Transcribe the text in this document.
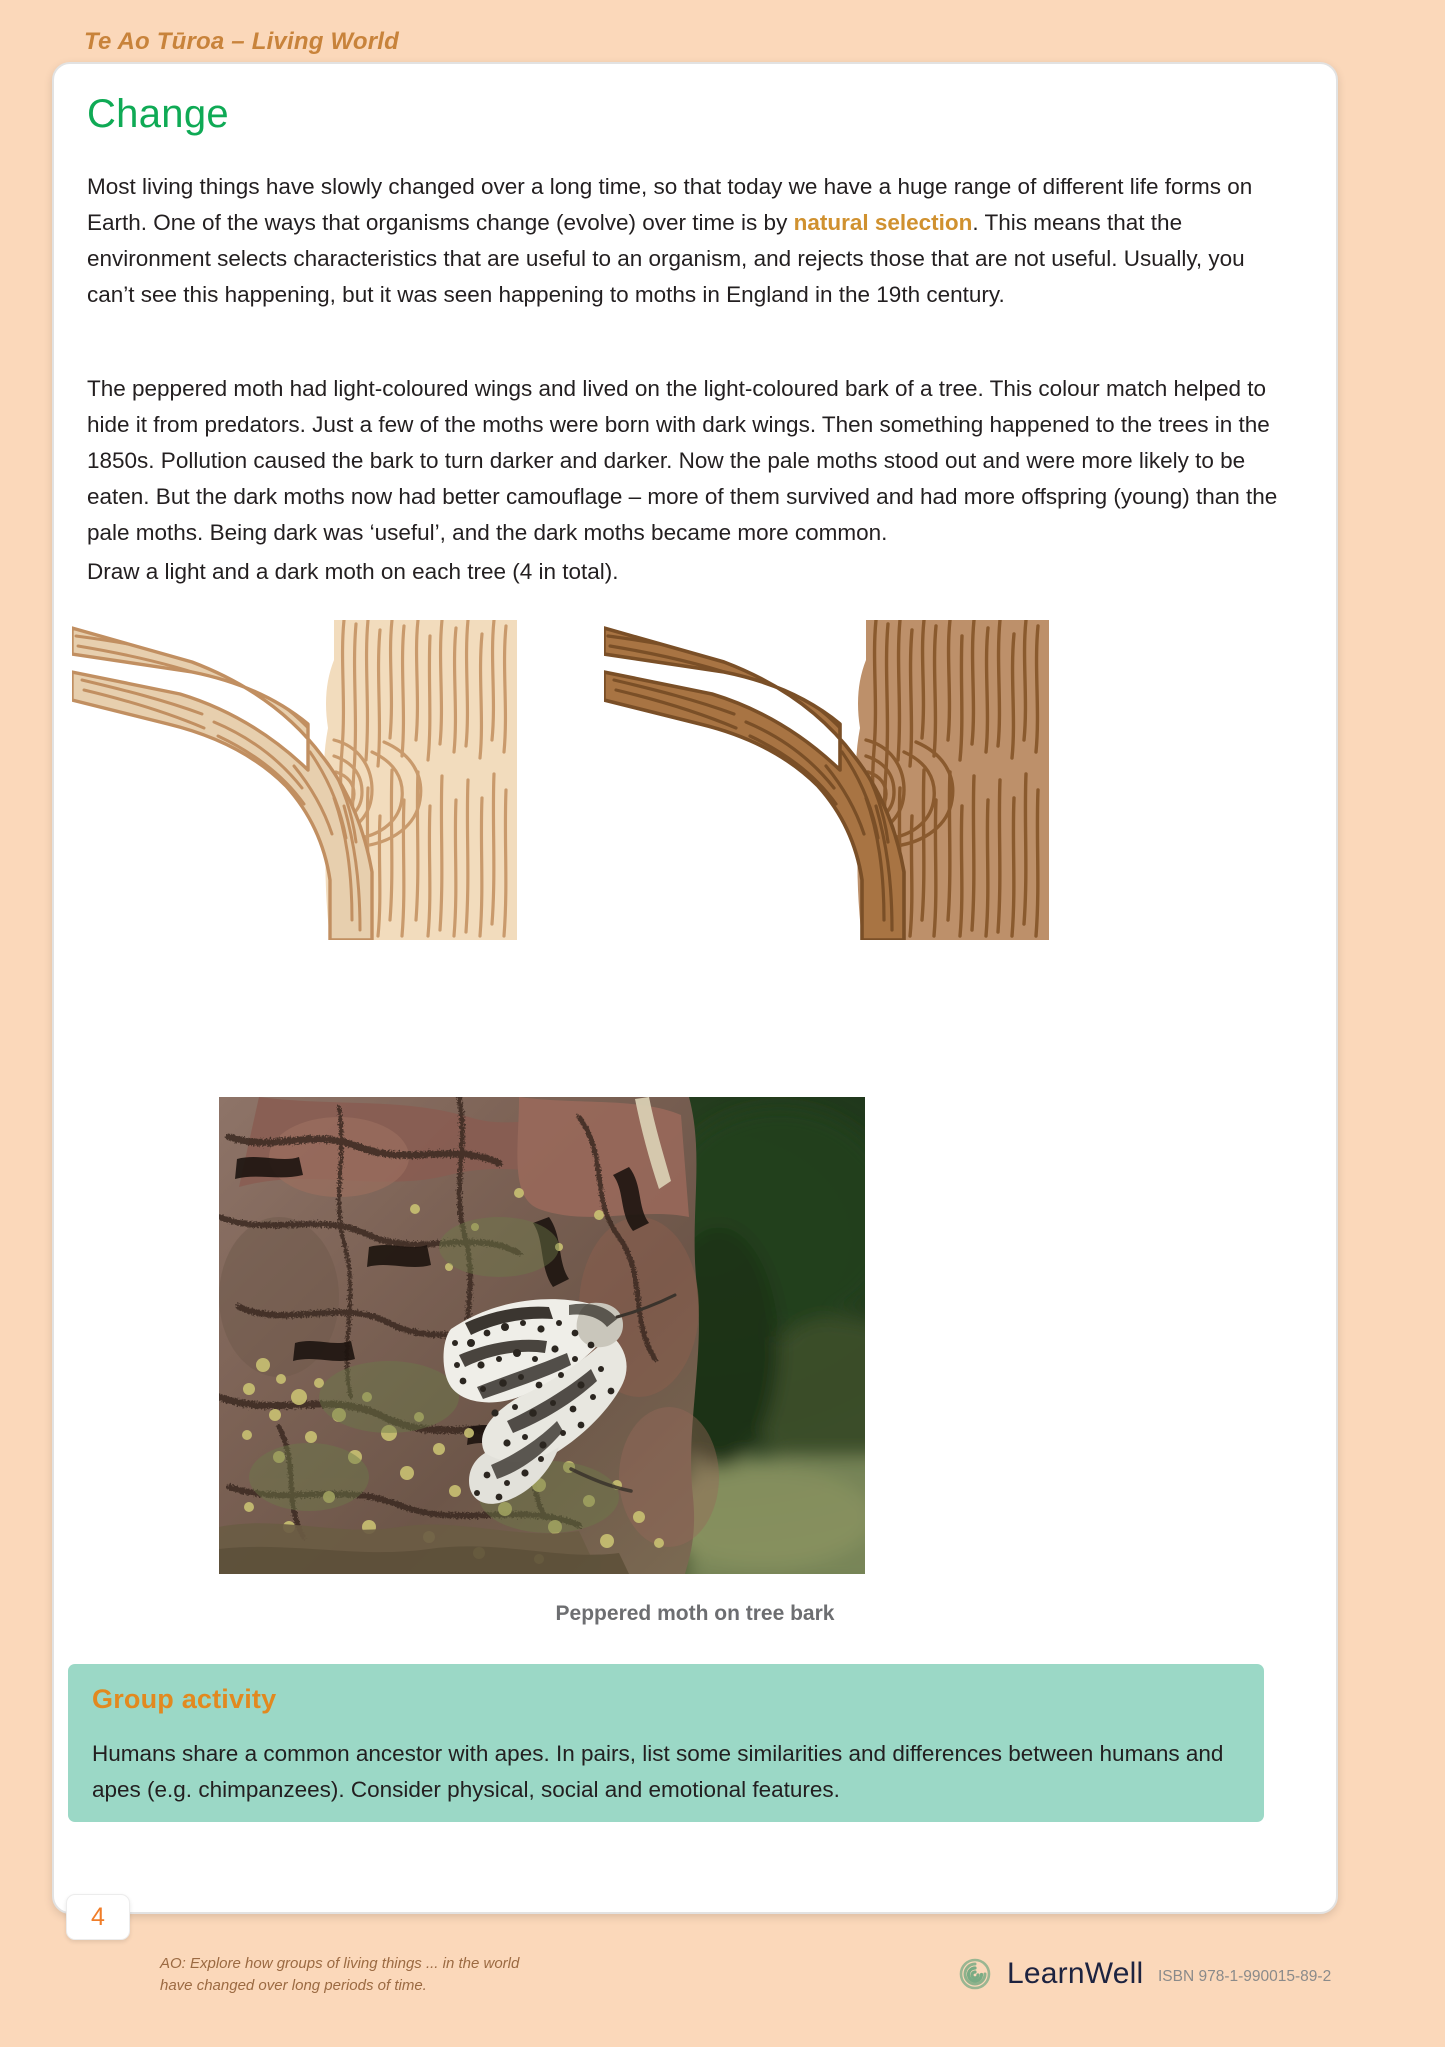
Te Ao Tūroa – Living World
Change

Most living things have slowly changed over a long time, so that today we have a huge range of different life forms on Earth. One of the ways that organisms change (evolve) over time is by natural selection. This means that the environment selects characteristics that are useful to an organism, and rejects those that are not useful. Usually, you can’t see this happening, but it was seen happening to moths in England in the 19th century.

The peppered moth had light-coloured wings and lived on the light-coloured bark of a tree. This colour match helped to hide it from predators. Just a few of the moths were born with dark wings. Then something happened to the trees in the 1850s. Pollution caused the bark to turn darker and darker. Now the pale moths stood out and were more likely to be eaten. But the dark moths now had better camouflage – more of them survived and had more offspring (young) than the pale moths. Being dark was ‘useful’, and the dark moths became more common.

Draw a light and a dark moth on each tree (4 in total).

Peppered moth on tree bark
Group activity

Humans share a common ancestor with apes. In pairs, list some similarities and differences between humans and apes (e.g. chimpanzees). Consider physical, social and emotional features.

4
AO: Explore how groups of living things ... in the world have changed over long periods of time.	LearnWell ISBN 978-1-990015-89-2
